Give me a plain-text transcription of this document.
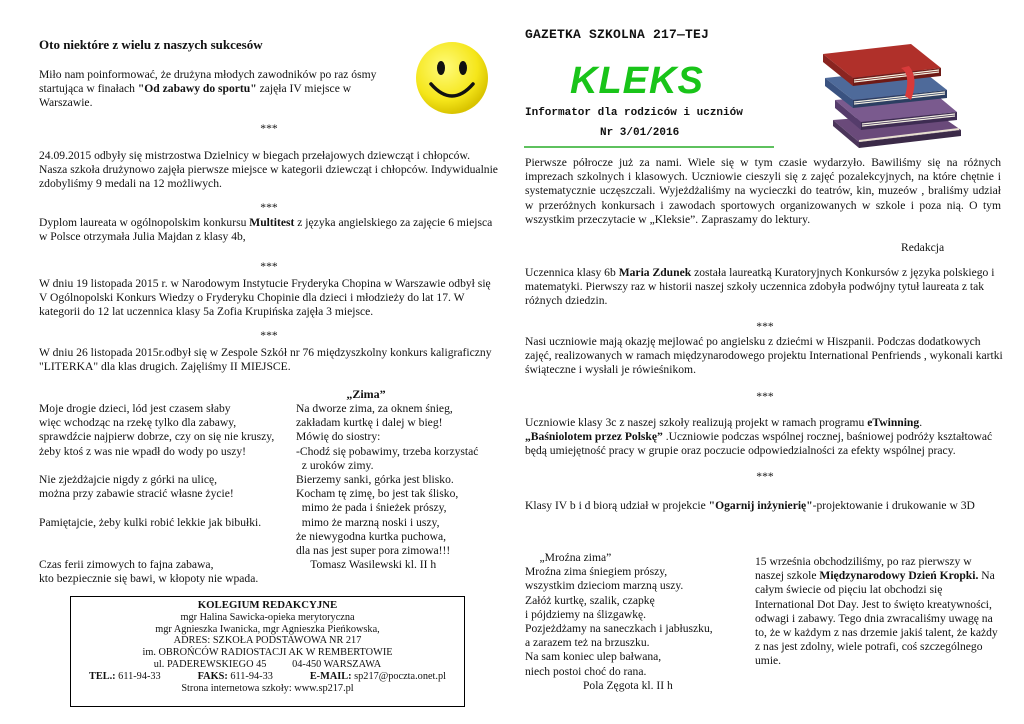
Oto niektóre z wielu z naszych sukcesów
Miło nam poinformować, że drużyna młodych zawodników po raz ósmy startująca w finałach "Od zabawy do sportu" zajęła IV miejsce w Warszawie.
***
24.09.2015 odbyły się mistrzostwa Dzielnicy w biegach przełajowych dziewcząt i chłopców. Nasza szkoła drużynowo zajęła pierwsze miejsce w kategorii dziewcząt i chłopców. Indywidualnie zdobyliśmy 9 medali na 12 możliwych.
***
Dyplom laureata w ogólnopolskim konkursu Multitest z języka angielskiego za zajęcie 6 miejsca w Polsce otrzymała Julia Majdan z klasy 4b,
***
W dniu 19 listopada 2015 r. w Narodowym Instytucie Fryderyka Chopina w Warszawie odbył się V Ogólnopolski Konkurs Wiedzy o Fryderyku Chopinie dla dzieci i młodzieży do lat 17. W kategorii do 12 lat uczennica klasy 5a Zofia Krupińska zajęła 3 miejsce.
***
W dniu 26 listopada 2015r.odbył się w Zespole Szkół nr 76 międzyszkolny konkurs kaligraficzny "LITERKA" dla klas drugich. Zajęliśmy II MIEJSCE.
„Zima”
Moje drogie dzieci, lód jest czasem słaby
więc wchodząc na rzekę tylko dla zabawy,
sprawdźcie najpierw dobrze, czy on się nie kruszy,
żeby ktoś z was nie wpadł do wody po uszy!
Nie zjeżdżajcie nigdy z górki na ulicę,
można przy zabawie stracić własne życie!
Pamiętajcie, żeby kulki robić lekkie jak bibułki.
Czas ferii zimowych to fajna zabawa,
kto bezpiecznie się bawi, w kłopoty nie wpada.
Na dworze zima, za oknem śnieg,
zakładam kurtkę i dalej w bieg!
Mówię do siostry:
-Chodź się pobawimy, trzeba korzystać
z uroków zimy.
Bierzemy sanki, górka jest blisko.
Kocham tę zimę, bo jest tak ślisko,
mimo że pada i śnieżek prószy,
mimo że marzną noski i uszy,
że niewygodna kurtka puchowa,
dla nas jest super pora zimowa!!!
Tomasz Wasilewski kl. II h
KOLEGIUM REDAKCYJNE
mgr Halina Sawicka-opieka merytoryczna
mgr Agnieszka Iwanicka, mgr Agnieszka Pieńkowska,
ADRES: SZKOŁA PODSTAWOWA NR 217
im. OBROŃCÓW RADIOSTACJI AK W REMBERTOWIE
ul. PADEREWSKIEGO 45          04-450 WARSZAWA
TEL.: 611-94-33	FAKS: 611-94-33	E-MAIL: sp217@poczta.onet.pl
Strona internetowa szkoły: www.sp217.pl
GAZETKA SZKOLNA 217—TEJ
KLEKS
Informator dla rodziców i uczniów
Nr 3/01/2016
Pierwsze półrocze już za nami. Wiele się w tym czasie wydarzyło. Bawiliśmy się na różnych imprezach szkolnych i klasowych. Uczniowie cieszyli się z zajęć pozalekcyjnych, na które chętnie i systematycznie uczęszczali. Wyjeżdżaliśmy na wycieczki do teatrów, kin, muzeów , braliśmy udział w przeróżnych konkursach i zawodach sportowych organizowanych w szkole i poza nią. O tym wszystkim przeczytacie w „Kleksie”. Zapraszamy do lektury.
Redakcja
Uczennica klasy 6b Maria Zdunek została laureatką Kuratoryjnych Konkursów z języka polskiego i matematyki. Pierwszy raz w historii naszej szkoły uczennica zdobyła podwójny tytuł laureata z tak różnych dziedzin.
***
Nasi uczniowie mają okazję mejlować po angielsku z dziećmi w Hiszpanii. Podczas dodatkowych zajęć, realizowanych w ramach międzynarodowego projektu International Penfriends , wykonali kartki świąteczne i wysłali je rówieśnikom.
***
Uczniowie klasy 3c z naszej szkoły realizują projekt w ramach programu eTwinning.
„Baśniolotem przez Polskę” .Uczniowie podczas wspólnej rocznej, baśniowej podróży kształtować będą umiejętność pracy w grupie oraz poczucie odpowiedzialności za efekty wspólnej pracy.
***
Klasy IV b i d biorą udział w projekcie "Ogarnij inżynierię"-projektowanie i drukowanie w 3D
„Mroźna zima”
Mroźna zima śniegiem prószy,
wszystkim dzieciom marzną uszy.
Załóż kurtkę, szalik, czapkę
i pójdziemy na ślizgawkę.
Pozjeżdżamy na saneczkach i jabłuszku,
a zarazem też na brzuszku.
Na sam koniec ulep bałwana,
niech postoi choć do rana.
Pola Zęgota kl. II h
15 września obchodziliśmy, po raz pierwszy w naszej szkole Międzynarodowy Dzień Kropki. Na całym świecie od pięciu lat obchodzi się International Dot Day. Jest to święto kreatywności, odwagi i zabawy. Tego dnia zwracaliśmy uwagę na to, że w każdym z nas drzemie jakiś talent, że każdy z nas jest zdolny, wiele potrafi, coś szczególnego umie.
